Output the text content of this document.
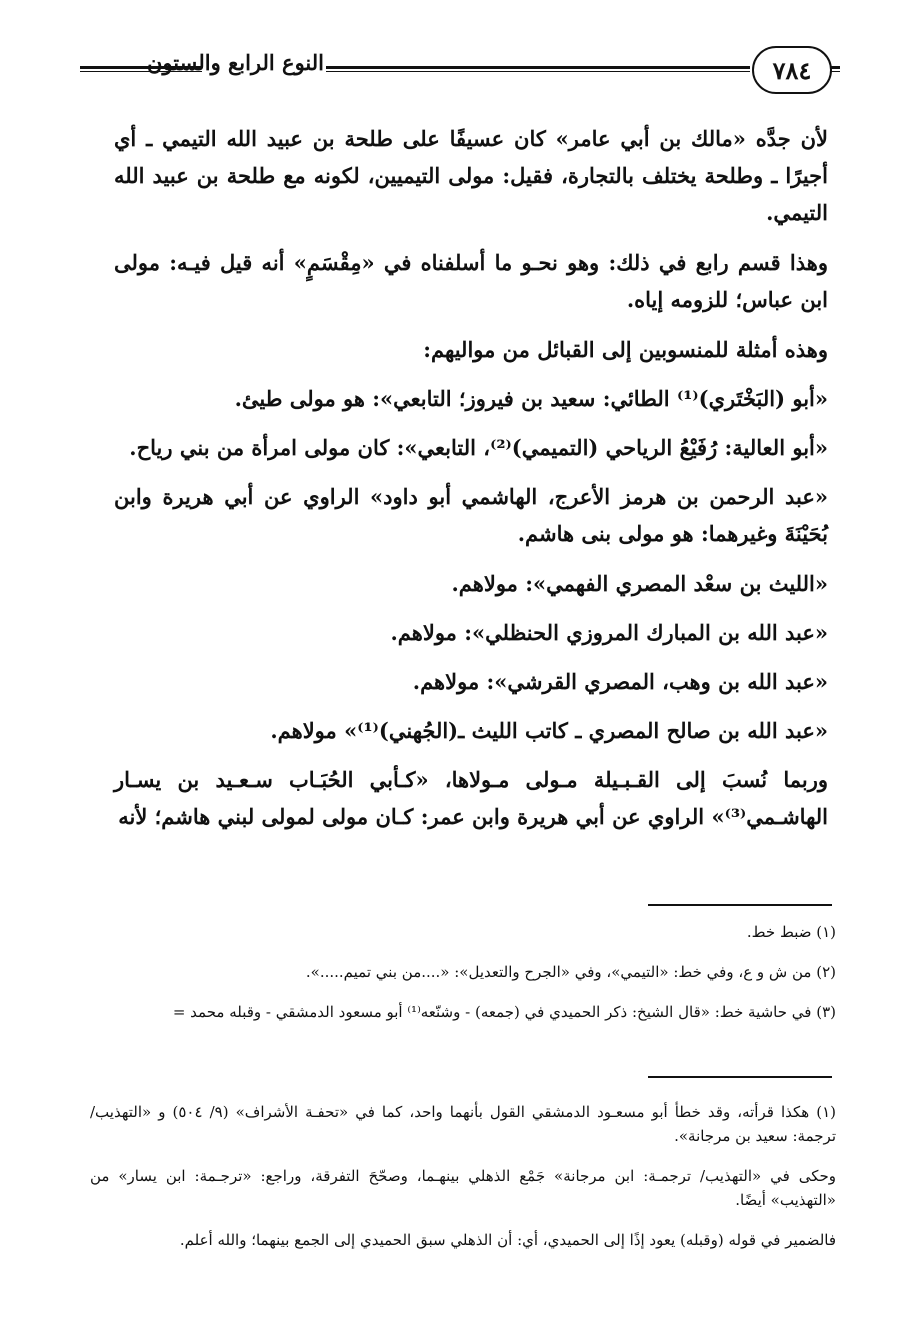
النوع الرابع والستون	٧٨٤

لأن جدَّه «مالك بن أبي عامر» كان عسيفًا على طلحة بن عبيد الله التيمي ـ أي أجيرًا ـ وطلحة يختلف بالتجارة، فقيل: مولى التيميين، لكونه مع طلحة بن عبيد الله التيمي.

وهذا قسم رابع في ذلك: وهو نحـو ما أسلفناه في «مِقْسَمٍ» أنه قيل فيـه: مولى ابن عباس؛ للزومه إياه.

وهذه أمثلة للمنسوبين إلى القبائل من مواليهم:

«أبو (البَخْتَري)⁽¹⁾ الطائي: سعيد بن فيروز؛ التابعي»: هو مولى طيئ.

«أبو العالية: رُفَيْعُ الرياحي (التميمي)⁽²⁾، التابعي»: كان مولى امرأة من بني رياح.

«عبد الرحمن بن هرمز الأعرج، الهاشمي أبو داود» الراوي عن أبي هريرة وابن بُحَيْنَةَ وغيرهما: هو مولى بنى هاشم.

«الليث بن سعْد المصري الفهمي»: مولاهم.

«عبد الله بن المبارك المروزي الحنظلي»: مولاهم.

«عبد الله بن وهب، المصري القرشي»: مولاهم.

«عبد الله بن صالح المصري ـ كاتب الليث ـ(الجُهني)⁽¹⁾» مولاهم.

وربما نُسبَ إلى القـبـيلة مـولى مـولاها، «كـأبي الحُبَـاب سـعـيد بن يسـار الهاشـمي⁽³⁾» الراوي عن أبي هريرة وابن عمر: كـان مولى لمولى لبني هاشم؛ لأنه

(١) ضبط خط.

(٢) من ش و ع، وفي خط: «التيمي»، وفي «الجرح والتعديل»: «....من بني تميم.....».

(٣) في حاشية خط: «قال الشيخ: ذكر الحميدي في (جمعه) - وشنّعه⁽¹⁾ أبو مسعود الدمشقي - وقبله محمد =

(١) هكذا قرأته، وقد خطأ أبو مسعـود الدمشقي القول بأنهما واحد، كما في «تحفـة الأشراف» (٩/ ٥٠٤) و «التهذيب/ ترجمة: سعيد بن مرجانة».

وحكى في «التهذيب/ ترجمـة: ابن مرجانة» جَمْع الذهلي بينهـما، وصحّحَ التفرقة، وراجع: «ترجـمة: ابن يسار» من «التهذيب» أيضًا.

فالضمير في قوله (وقبله) يعود إذًا إلى الحميدي، أي: أن الذهلي سبق الحميدي إلى الجمع بينهما؛ والله أعلم.
